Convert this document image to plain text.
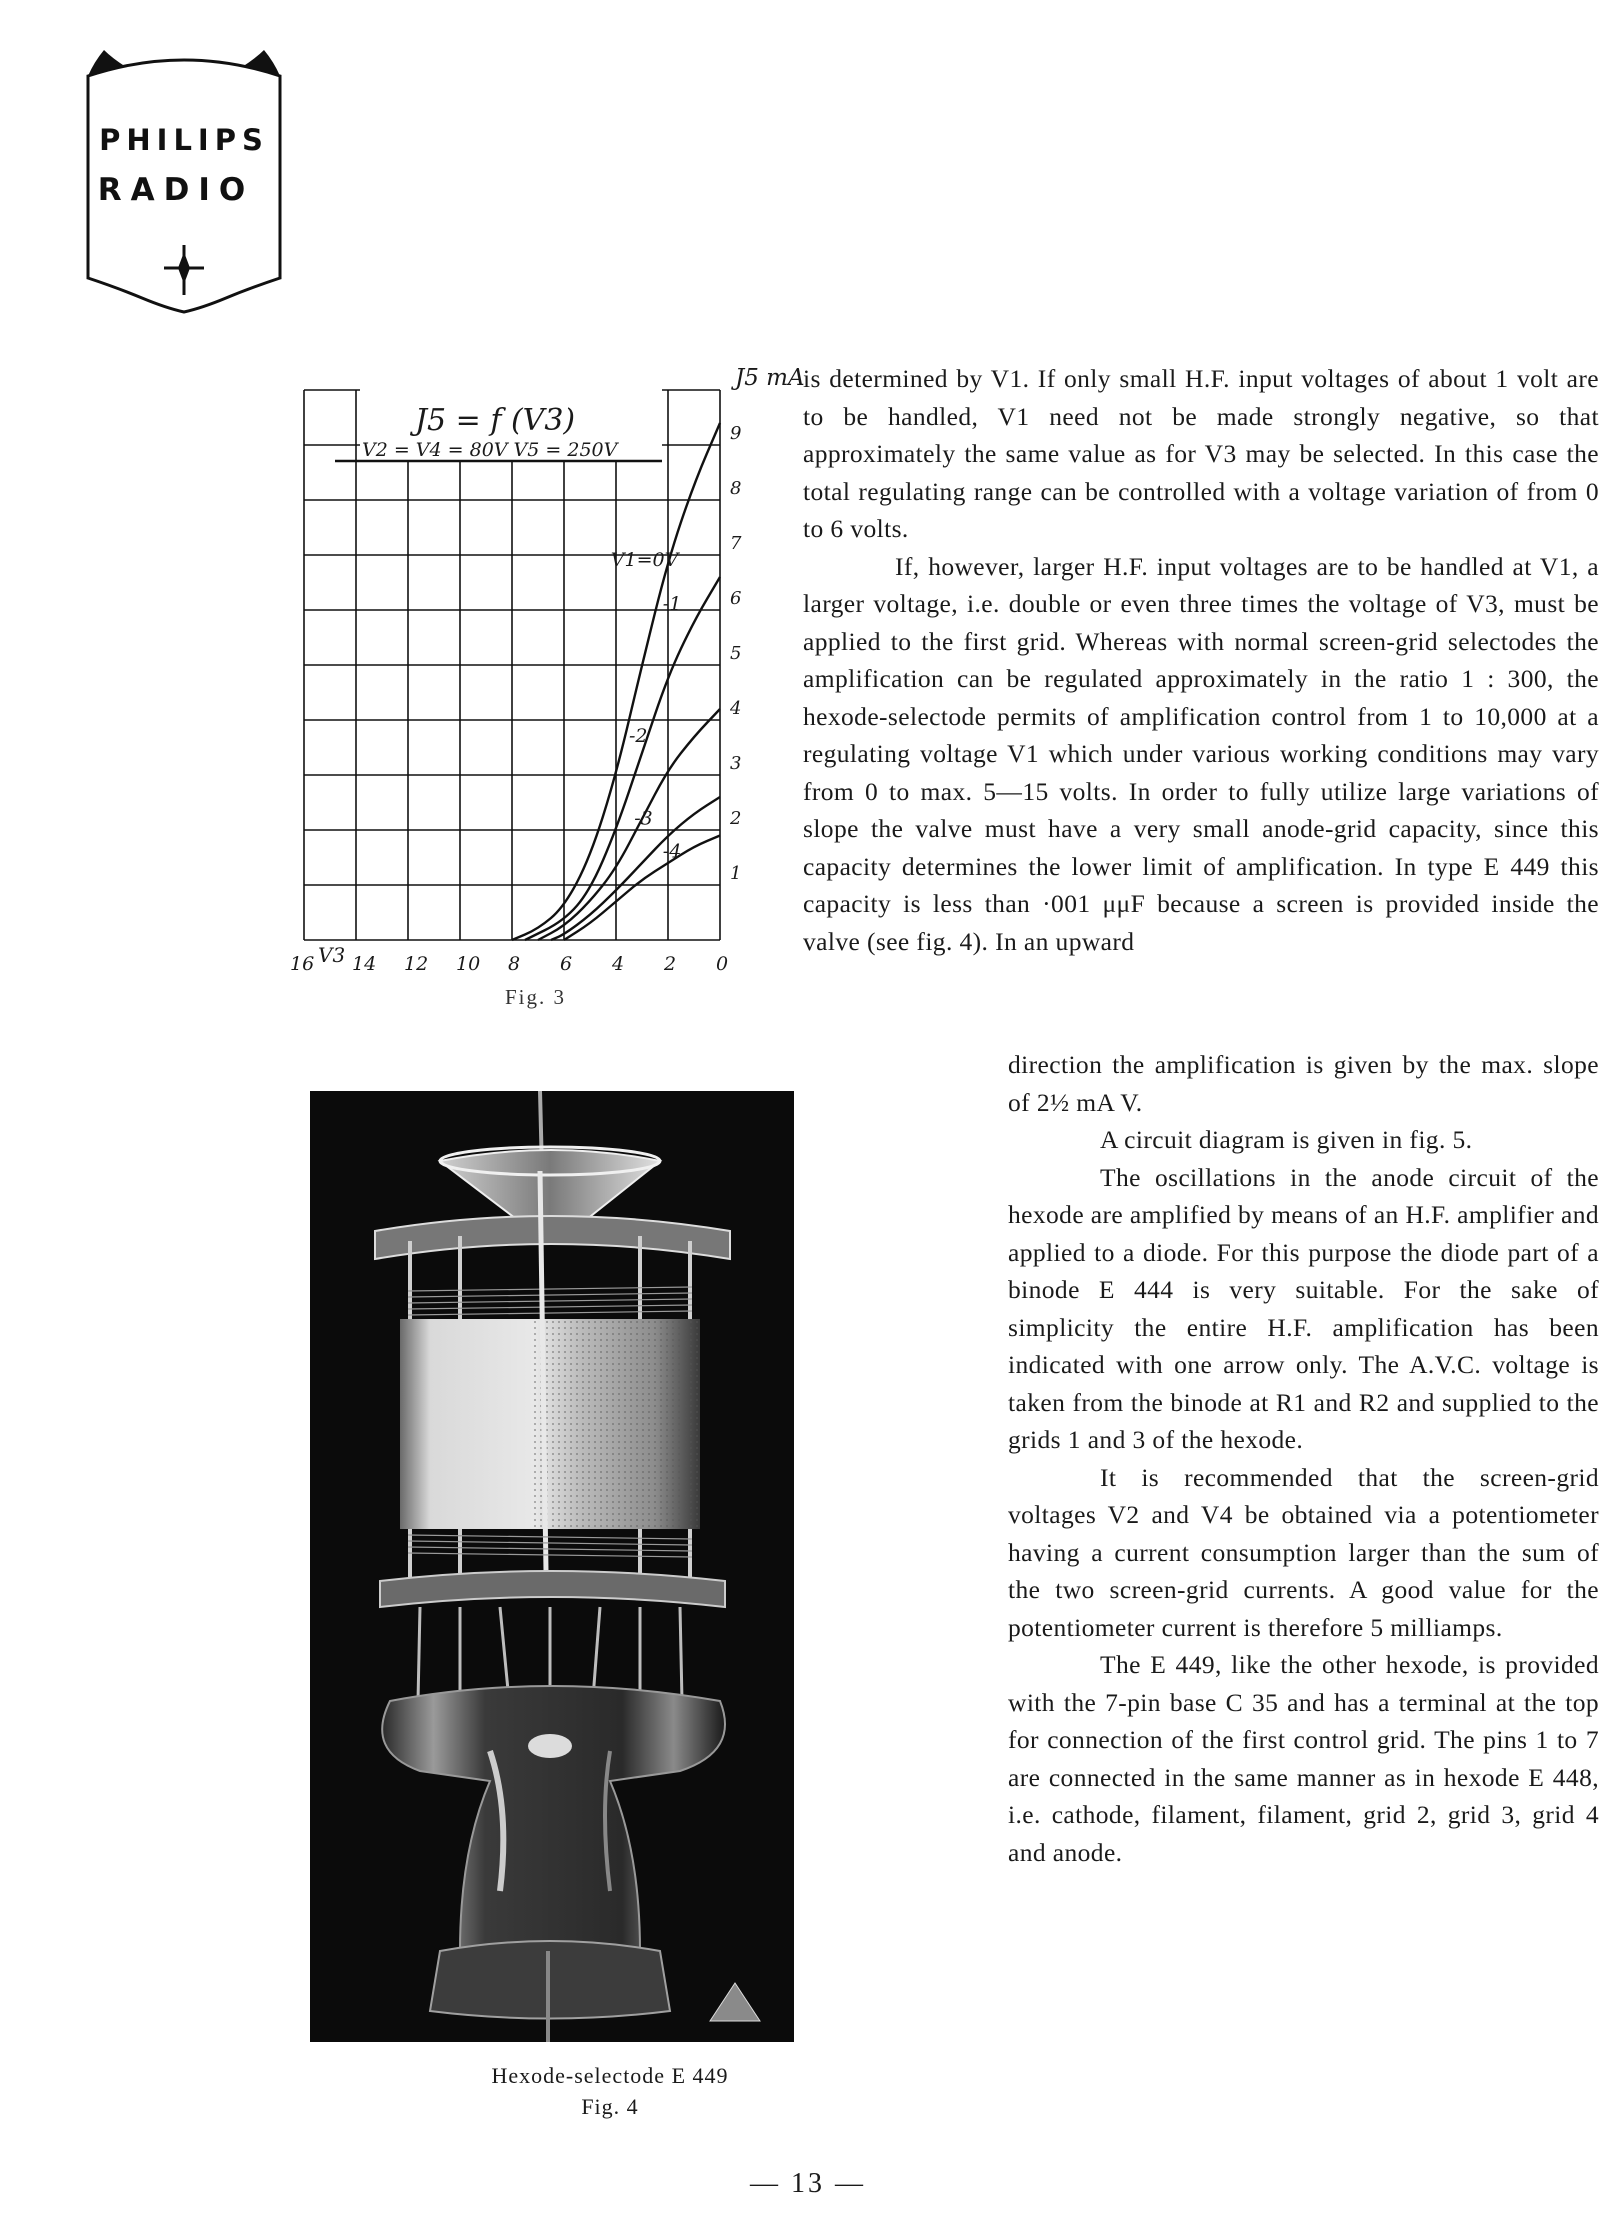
PHILIPS
RADIO
16 14 12 10 8 6 4 2 0
1
2
3
4
5
6
7
8
9
V1=0V
-1
-2
-3
-4
J5 = f (V3)
V2 = V4 = 80V V5 = 250V
J5 mA
V3
Fig. 3
Hexode-selectode E 449
Fig. 4

is determined by V1. If only small H.F. input voltages of about 1 volt are to be handled, V1 need not be made strongly negative, so that approximately the same value as for V3 may be selected. In this case the total regulating range can be controlled with a voltage variation of from 0 to 6 volts.

If, however, larger H.F. input voltages are to be handled at V1, a larger voltage, i.e. double or even three times the voltage of V3, must be applied to the first grid. Whereas with normal screen-grid selectodes the amplification can be regulated approximately in the ratio 1 : 300, the hexode-selectode permits of amplification control from 1 to 10,000 at a regulating voltage V1 which under various working conditions may vary from 0 to max. 5—15 volts. In order to fully utilize large variations of slope the valve must have a very small anode-grid capacity, since this capacity determines the lower limit of amplification. In type E 449 this capacity is less than ·001 μμF because a screen is provided inside the valve (see fig. 4). In an upward

direction the amplification is given by the max. slope of 2½ mA V.

A circuit diagram is given in fig. 5.

The oscillations in the anode circuit of the hexode are amplified by means of an H.F. amplifier and applied to a diode. For this purpose the diode part of a binode E 444 is very suitable. For the sake of simplicity the entire H.F. amplification has been indicated with one arrow only. The A.V.C. voltage is taken from the binode at R1 and R2 and supplied to the grids 1 and 3 of the hexode.

It is recommended that the screen-grid voltages V2 and V4 be obtained via a potentiometer having a current consumption larger than the sum of the two screen-grid currents. A good value for the potentiometer current is therefore 5 milliamps.

The E 449, like the other hexode, is provided with the 7-pin base C 35 and has a terminal at the top for connection of the first control grid. The pins 1 to 7 are connected in the same manner as in hexode E 448, i.e. cathode, filament, filament, grid 2, grid 3, grid 4 and anode.

— 13 —
